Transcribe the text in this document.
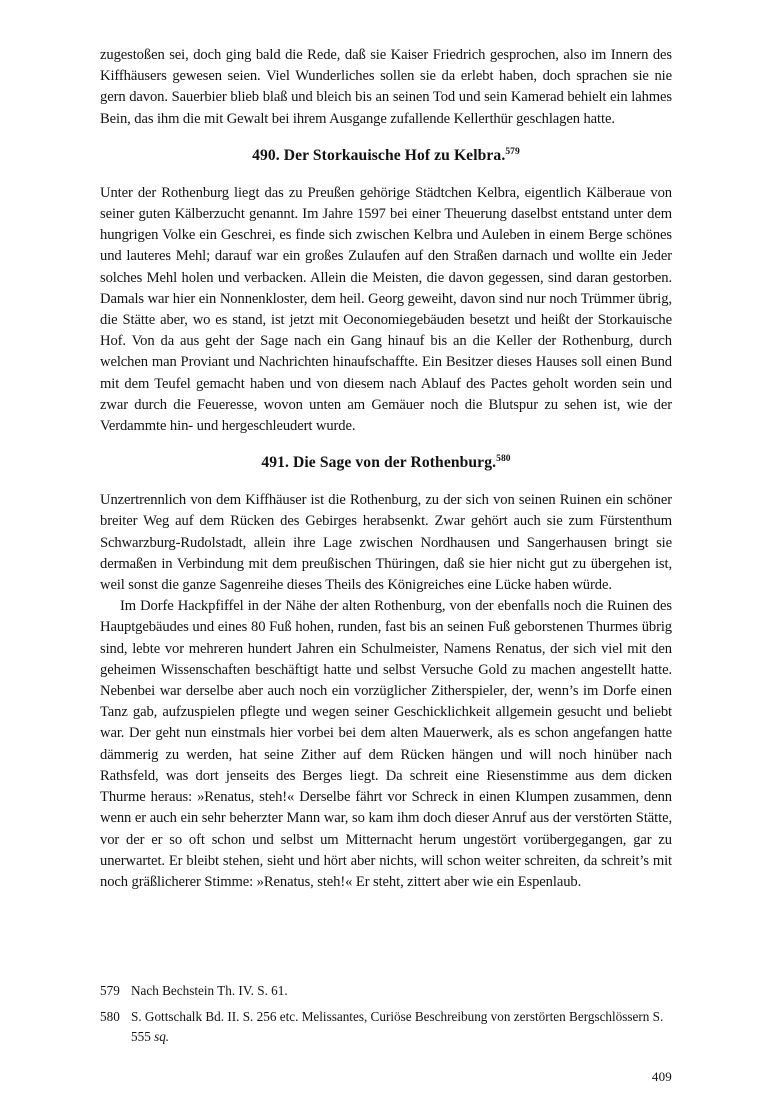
zugestoßen sei, doch ging bald die Rede, daß sie Kaiser Friedrich gesprochen, also im Innern des Kiffhäusers gewesen seien. Viel Wunderliches sollen sie da erlebt haben, doch sprachen sie nie gern davon. Sauerbier blieb blaß und bleich bis an seinen Tod und sein Kamerad behielt ein lahmes Bein, das ihm die mit Gewalt bei ihrem Ausgange zufallende Kellerthür geschlagen hatte.

490. Der Storkauische Hof zu Kelbra.$^{579}$

Unter der Rothenburg liegt das zu Preußen gehörige Städtchen Kelbra, eigentlich Kälberaue von seiner guten Kälberzucht genannt. Im Jahre 1597 bei einer Theuerung daselbst entstand unter dem hungrigen Volke ein Geschrei, es finde sich zwischen Kelbra und Auleben in einem Berge schönes und lauteres Mehl; darauf war ein großes Zulaufen auf den Straßen darnach und wollte ein Jeder solches Mehl holen und verbacken. Allein die Meisten, die davon gegessen, sind daran gestorben. Damals war hier ein Nonnenkloster, dem heil. Georg geweiht, davon sind nur noch Trümmer übrig, die Stätte aber, wo es stand, ist jetzt mit Oeconomiegebäuden besetzt und heißt der Storkauische Hof. Von da aus geht der Sage nach ein Gang hinauf bis an die Keller der Rothenburg, durch welchen man Proviant und Nachrichten hinaufschaffte. Ein Besitzer dieses Hauses soll einen Bund mit dem Teufel gemacht haben und von diesem nach Ablauf des Pactes geholt worden sein und zwar durch die Feueresse, wovon unten am Gemäuer noch die Blutspur zu sehen ist, wie der Verdammte hin- und hergeschleudert wurde.

491. Die Sage von der Rothenburg.$^{580}$

Unzertrennlich von dem Kiffhäuser ist die Rothenburg, zu der sich von seinen Ruinen ein schöner breiter Weg auf dem Rücken des Gebirges herabsenkt. Zwar gehört auch sie zum Fürstenthum Schwarzburg-Rudolstadt, allein ihre Lage zwischen Nordhausen und Sangerhausen bringt sie dermaßen in Verbindung mit dem preußischen Thüringen, daß sie hier nicht gut zu übergehen ist, weil sonst die ganze Sagenreihe dieses Theils des Königreiches eine Lücke haben würde.

Im Dorfe Hackpfiffel in der Nähe der alten Rothenburg, von der ebenfalls noch die Ruinen des Hauptgebäudes und eines 80 Fuß hohen, runden, fast bis an seinen Fuß geborstenen Thurmes übrig sind, lebte vor mehreren hundert Jahren ein Schulmeister, Namens Renatus, der sich viel mit den geheimen Wissenschaften beschäftigt hatte und selbst Versuche Gold zu machen angestellt hatte. Nebenbei war derselbe aber auch noch ein vorzüglicher Zitherspieler, der, wenn’s im Dorfe einen Tanz gab, aufzuspielen pflegte und wegen seiner Geschicklichkeit allgemein gesucht und beliebt war. Der geht nun einstmals hier vorbei bei dem alten Mauerwerk, als es schon angefangen hatte dämmerig zu werden, hat seine Zither auf dem Rücken hängen und will noch hinüber nach Rathsfeld, was dort jenseits des Berges liegt. Da schreit eine Riesenstimme aus dem dicken Thurme heraus: »Renatus, steh!« Derselbe fährt vor Schreck in einen Klumpen zusammen, denn wenn er auch ein sehr beherzter Mann war, so kam ihm doch dieser Anruf aus der verstörten Stätte, vor der er so oft schon und selbst um Mitternacht herum ungestört vorübergegangen, gar zu unerwartet. Er bleibt stehen, sieht und hört aber nichts, will schon weiter schreiten, da schreit’s mit noch gräßlicherer Stimme: »Renatus, steh!« Er steht, zittert aber wie ein Espenlaub.

579 Nach Bechstein Th. IV. S. 61.
580 S. Gottschalk Bd. II. S. 256 etc. Melissantes, Curiöse Beschreibung von zerstörten Bergschlössern S. 555 sq.
409
